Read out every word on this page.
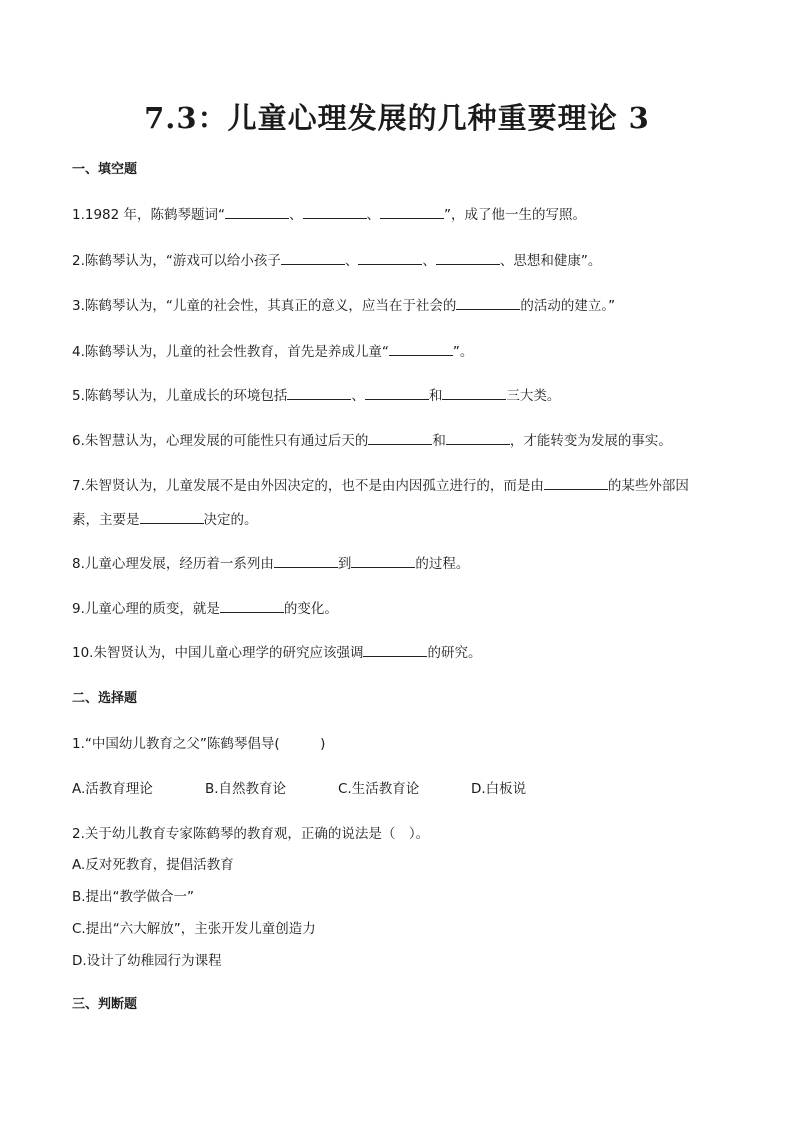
7.3：儿童心理发展的几种重要理论 3
一、填空题
1.1982 年，陈鹤琴题词“	、	、	”，成了他一生的写照。
2.陈鹤琴认为，“游戏可以给小孩子	、	、	、思想和健康”。
3.陈鹤琴认为，“儿童的社会性，其真正的意义，应当在于社会的	的活动的建立。”
4.陈鹤琴认为，儿童的社会性教育，首先是养成儿童“	”。
5.陈鹤琴认为，儿童成长的环境包括	、	和	三大类。
6.朱智慧认为，心理发展的可能性只有通过后天的	和	，才能转变为发展的事实。
7.朱智贤认为，儿童发展不是由外因决定的，也不是由内因孤立进行的，而是由	的某些外部因
素，主要是	决定的。
8.儿童心理发展，经历着一系列由	到	的过程。
9.儿童心理的质变，就是	的变化。
10.朱智贤认为，中国儿童心理学的研究应该强调	的研究。
二、选择题
1.“中国幼儿教育之父”陈鹤琴倡导(　　　)
A.活教育理论	B.自然教育论	C.生活教育论	D.白板说
2.关于幼儿教育专家陈鹤琴的教育观，正确的说法是（　）。
A.反对死教育，提倡活教育
B.提出“教学做合一”
C.提出“六大解放”，主张开发儿童创造力
D.设计了幼稚园行为课程
三、判断题
